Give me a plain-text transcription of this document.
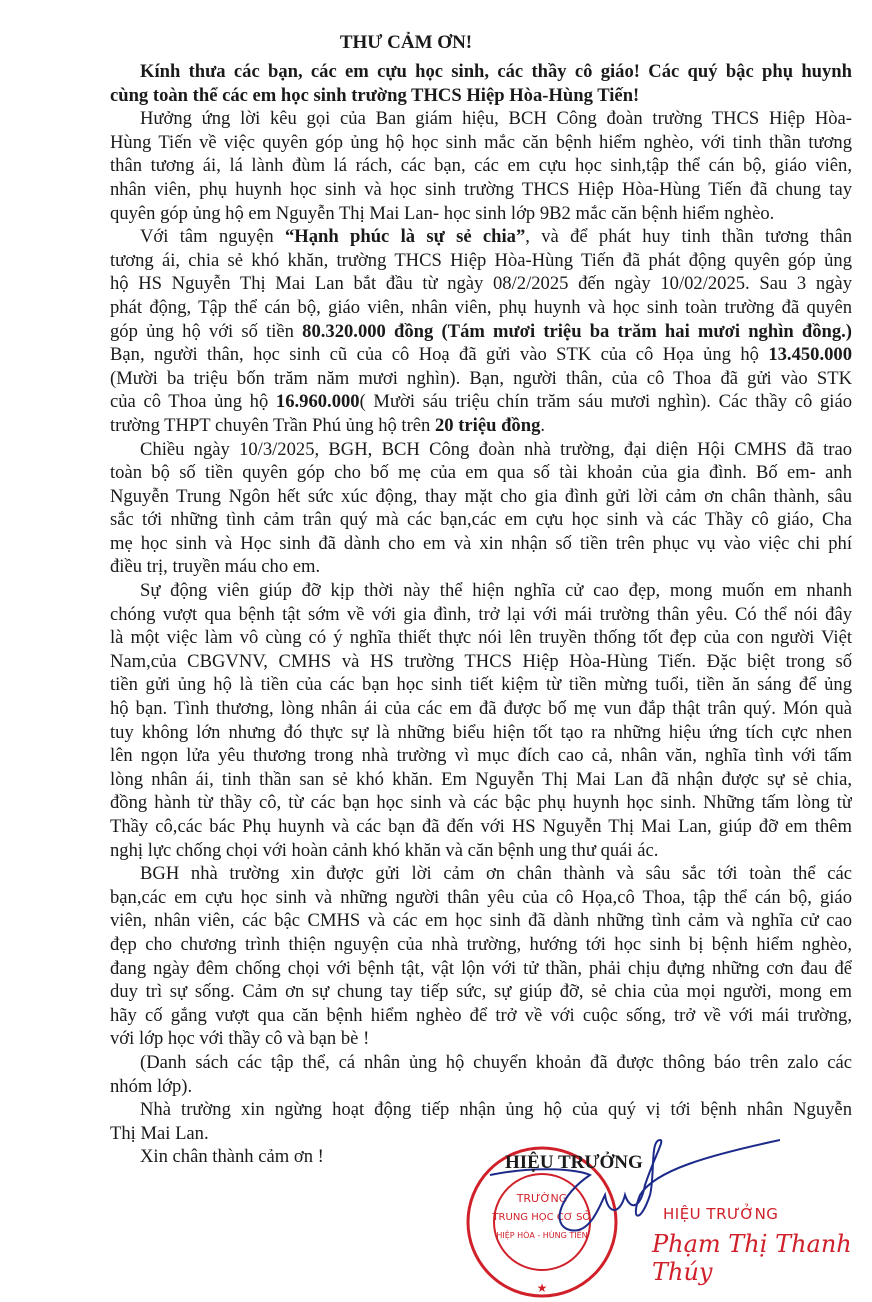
THƯ CẢM ƠN!
Kính thưa các bạn, các em cựu học sinh, các thầy cô giáo! Các quý bậc phụ huynh
cùng toàn thể các em học sinh trường THCS Hiệp Hòa-Hùng Tiến!
Hưởng ứng lời kêu gọi của Ban giám hiệu, BCH Công đoàn trường THCS Hiệp Hòa-
Hùng Tiến về việc quyên góp ủng hộ học sinh mắc căn bệnh hiểm nghèo, với tinh thần tương
thân tương ái, lá lành đùm lá rách, các bạn, các em cựu học sinh,tập thể cán bộ, giáo viên,
nhân viên, phụ huynh học sinh và học sinh trường THCS Hiệp Hòa-Hùng Tiến đã chung tay
quyên góp ủng hộ em Nguyễn Thị Mai Lan- học sinh lớp 9B2 mắc căn bệnh hiểm nghèo.
Với tâm nguyện “Hạnh phúc là sự sẻ chia”, và để phát huy tinh thần tương thân
tương ái, chia sẻ khó khăn, trường THCS Hiệp Hòa-Hùng Tiến đã phát động quyên góp ủng
hộ HS Nguyễn Thị Mai Lan bắt đầu từ ngày 08/2/2025 đến ngày 10/02/2025. Sau 3 ngày
phát động, Tập thể cán bộ, giáo viên, nhân viên, phụ huynh và học sinh toàn trường đã quyên
góp ủng hộ với số tiền 80.320.000 đồng (Tám mươi triệu ba trăm hai mươi nghìn đồng.)
Bạn, người thân, học sinh cũ của cô Hoạ đã gửi vào STK của cô Họa ủng hộ 13.450.000
(Mười ba triệu bốn trăm năm mươi nghìn). Bạn, người thân, của cô Thoa đã gửi vào STK
của cô Thoa ủng hộ 16.960.000( Mười sáu triệu chín trăm sáu mươi nghìn). Các thầy cô giáo
trường THPT chuyên Trần Phú ủng hộ trên 20 triệu đồng.
Chiều ngày 10/3/2025, BGH, BCH Công đoàn nhà trường, đại diện Hội CMHS đã trao
toàn bộ số tiền quyên góp cho bố mẹ của em qua số tài khoản của gia đình. Bố em- anh
Nguyễn Trung Ngôn hết sức xúc động, thay mặt cho gia đình gửi lời cảm ơn chân thành, sâu
sắc tới những tình cảm trân quý mà các bạn,các em cựu học sinh và các Thầy cô giáo, Cha
mẹ học sinh và Học sinh đã dành cho em và xin nhận số tiền trên phục vụ vào việc chi phí
điều trị, truyền máu cho em.
Sự động viên giúp đỡ kịp thời này thể hiện nghĩa cử cao đẹp, mong muốn em nhanh
chóng vượt qua bệnh tật sớm về với gia đình, trở lại với mái trường thân yêu. Có thể nói đây
là một việc làm vô cùng có ý nghĩa thiết thực nói lên truyền thống tốt đẹp của con người Việt
Nam,của CBGVNV, CMHS và HS trường THCS Hiệp Hòa-Hùng Tiến. Đặc biệt trong số
tiền gửi ủng hộ là tiền của các bạn học sinh tiết kiệm từ tiền mừng tuổi, tiền ăn sáng để ủng
hộ bạn. Tình thương, lòng nhân ái của các em đã được bố mẹ vun đắp thật trân quý. Món quà
tuy không lớn nhưng đó thực sự là những biểu hiện tốt tạo ra những hiệu ứng tích cực nhen
lên ngọn lửa yêu thương trong nhà trường vì mục đích cao cả, nhân văn, nghĩa tình với tấm
lòng nhân ái, tinh thần san sẻ khó khăn. Em Nguyễn Thị Mai Lan đã nhận được sự sẻ chia,
đồng hành từ thầy cô, từ các bạn học sinh và các bậc phụ huynh học sinh. Những tấm lòng từ
Thầy cô,các bác Phụ huynh và các bạn đã đến với HS Nguyễn Thị Mai Lan, giúp đỡ em thêm
nghị lực chống chọi với hoàn cảnh khó khăn và căn bệnh ung thư quái ác.
BGH nhà trường xin được gửi lời cảm ơn chân thành và sâu sắc tới toàn thể các
bạn,các em cựu học sinh và những người thân yêu của cô Họa,cô Thoa, tập thể cán bộ, giáo
viên, nhân viên, các bậc CMHS và các em học sinh đã dành những tình cảm và nghĩa cử cao
đẹp cho chương trình thiện nguyện của nhà trường, hướng tới học sinh bị bệnh hiểm nghèo,
đang ngày đêm chống chọi với bệnh tật, vật lộn với tử thần, phải chịu đựng những cơn đau để
duy trì sự sống. Cảm ơn sự chung tay tiếp sức, sự giúp đỡ, sẻ chia của mọi người, mong em
hãy cố gắng vượt qua căn bệnh hiểm nghèo để trở về với cuộc sống, trở về với mái trường,
với lớp học với thầy cô và bạn bè !
(Danh sách các tập thể, cá nhân ủng hộ chuyển khoản đã được thông báo trên zalo các
nhóm lớp).
Nhà trường xin ngừng hoạt động tiếp nhận ủng hộ của quý vị tới bệnh nhân Nguyễn
Thị Mai Lan.
Xin chân thành cảm ơn !
TRƯỜNG
TRUNG HỌC CƠ SỞ
HIỆP HÒA - HÙNG TIẾN
★
HIỆU TRƯỞNG
HIỆU TRƯỞNG
Phạm Thị Thanh Thúy
